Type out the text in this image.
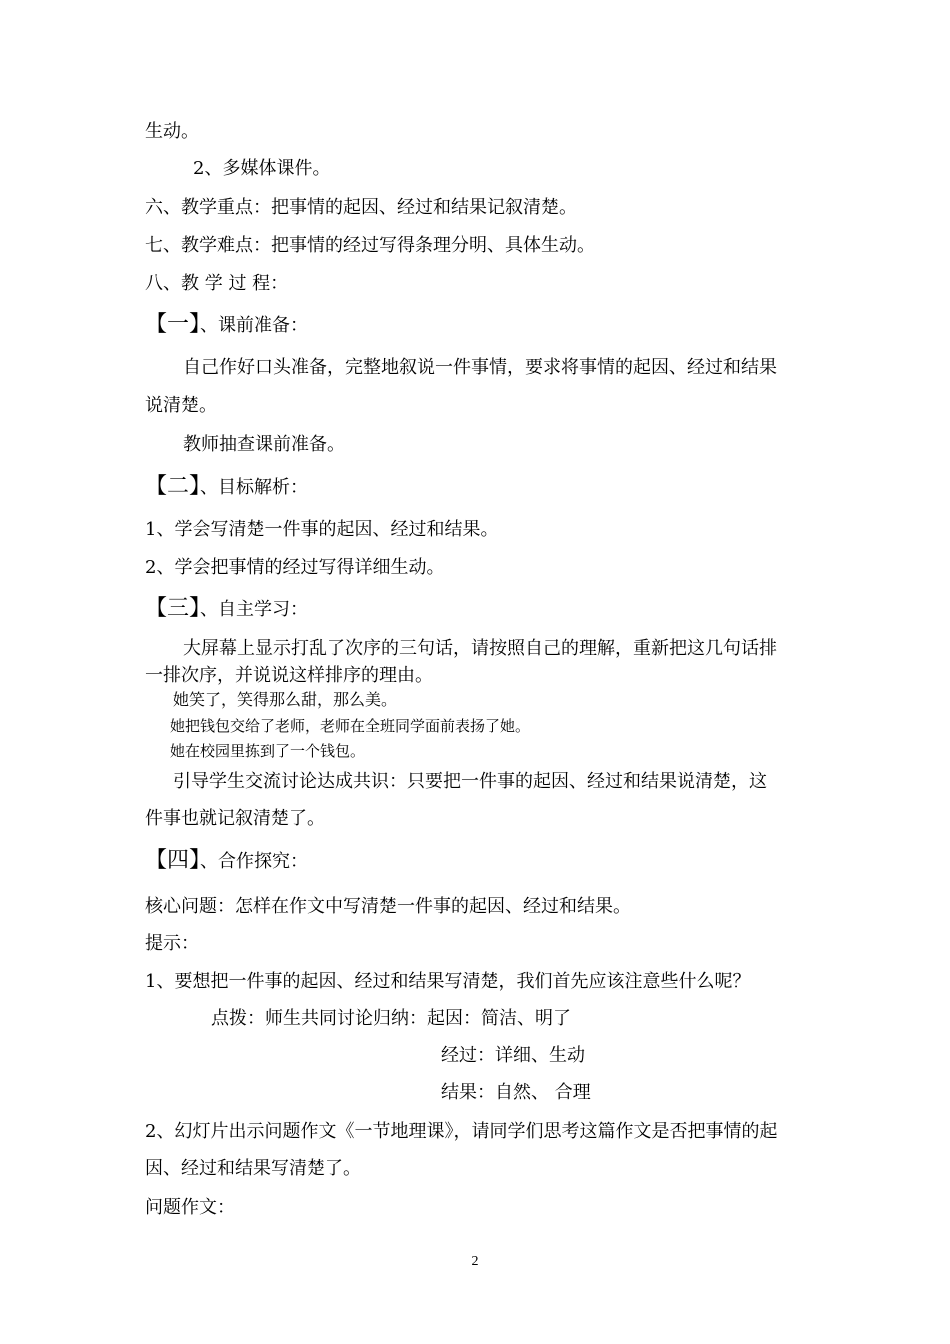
生动。
2、多媒体课件。
六、教学重点：把事情的起因、经过和结果记叙清楚。
七、教学难点：把事情的经过写得条理分明、具体生动。
八、教 学 过 程：
【一】、课前准备：
自己作好口头准备，完整地叙说一件事情，要求将事情的起因、经过和结果
说清楚。
教师抽查课前准备。
【二】、目标解析：
1、学会写清楚一件事的起因、经过和结果。
2、学会把事情的经过写得详细生动。
【三】、自主学习：
大屏幕上显示打乱了次序的三句话，请按照自己的理解，重新把这几句话排
一排次序，并说说这样排序的理由。
她笑了，笑得那么甜，那么美。
她把钱包交给了老师，老师在全班同学面前表扬了她。
她在校园里拣到了一个钱包。
引导学生交流讨论达成共识：只要把一件事的起因、经过和结果说清楚，这
件事也就记叙清楚了。
【四】、合作探究：
核心问题：怎样在作文中写清楚一件事的起因、经过和结果。
提示：
1、要想把一件事的起因、经过和结果写清楚，我们首先应该注意些什么呢？
点拨：师生共同讨论归纳：起因：简洁、明了
经过：详细、生动
结果：自然、 合理
2、幻灯片出示问题作文《一节地理课》，请同学们思考这篇作文是否把事情的起
因、经过和结果写清楚了。
问题作文：
2
